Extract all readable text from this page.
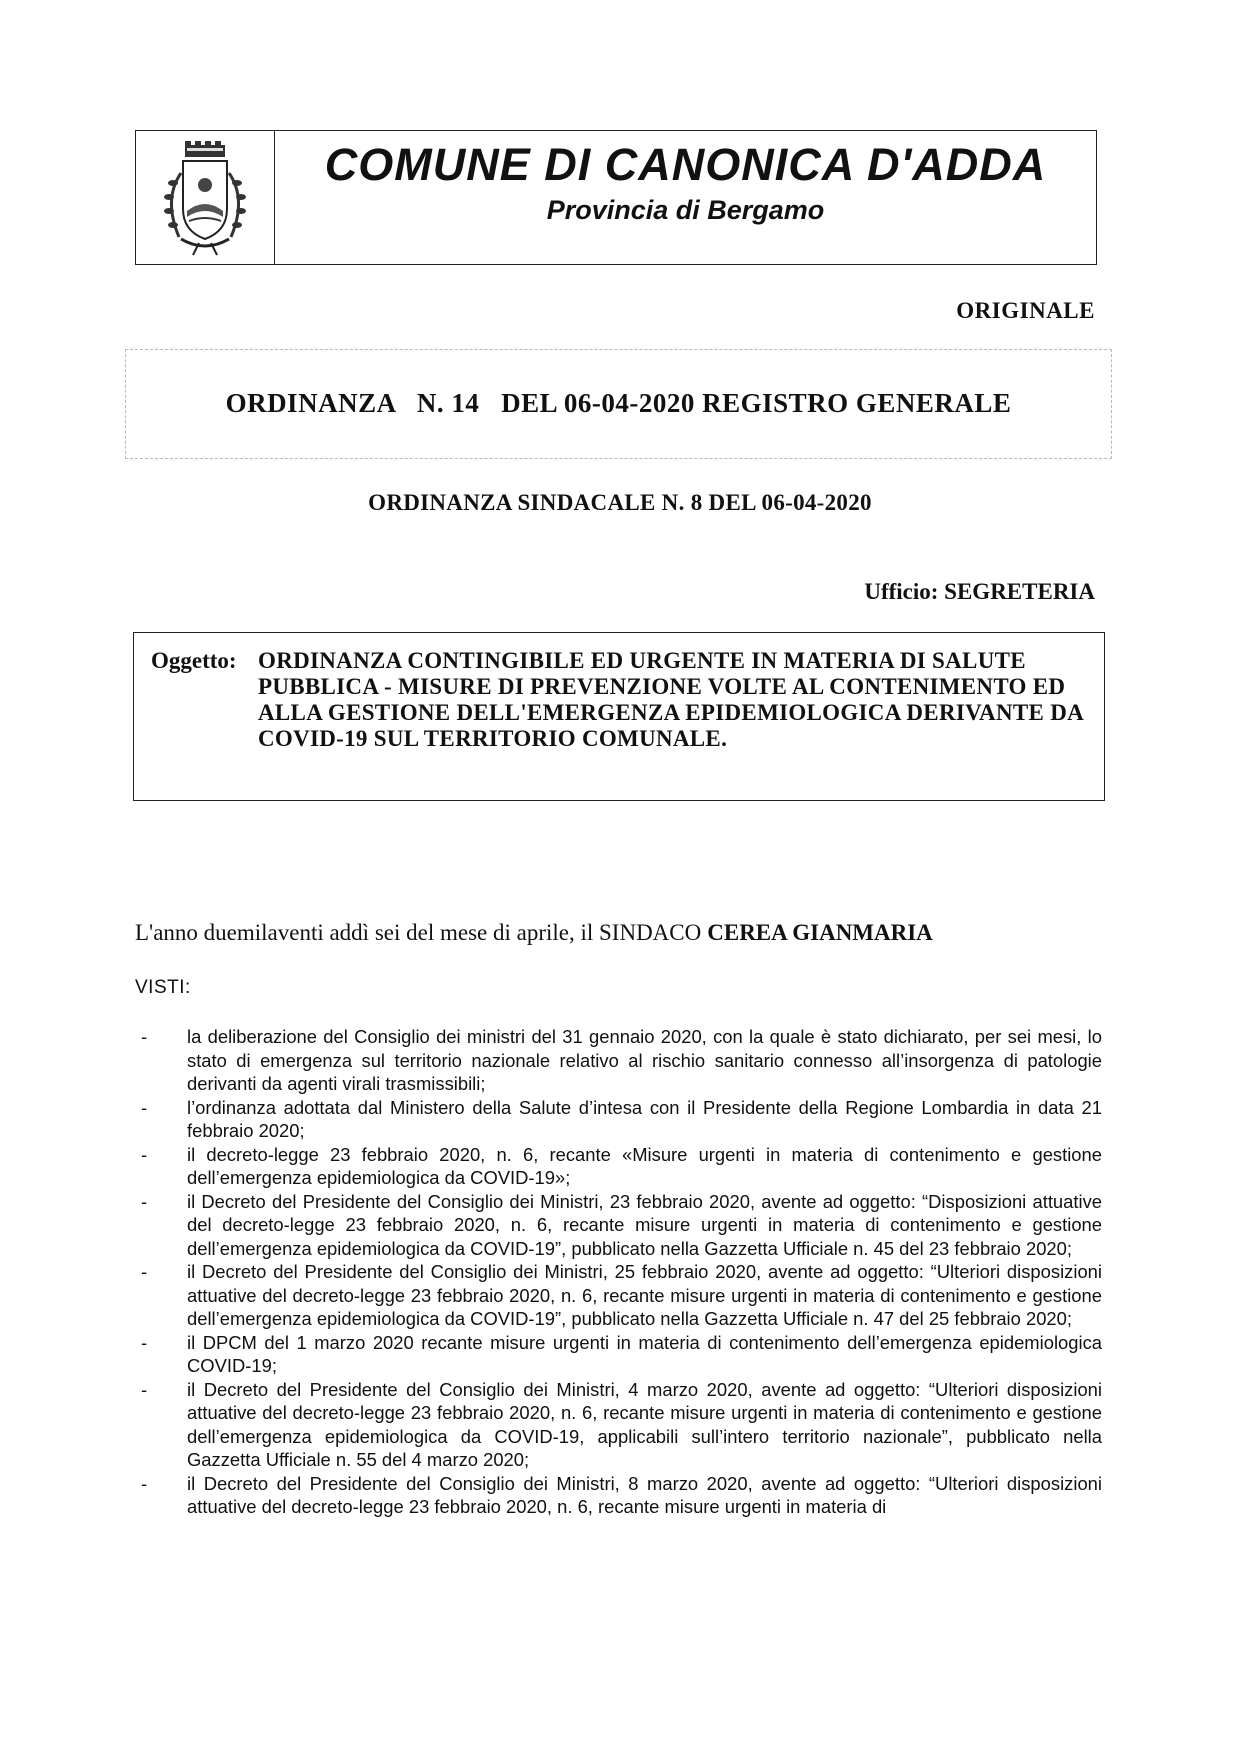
COMUNE DI CANONICA D'ADDA
Provincia di Bergamo
ORIGINALE
ORDINANZA   N. 14   DEL 06-04-2020 REGISTRO GENERALE
ORDINANZA SINDACALE N. 8 DEL 06-04-2020
Ufficio: SEGRETERIA
Oggetto: ORDINANZA CONTINGIBILE ED URGENTE IN MATERIA DI SALUTE PUBBLICA - MISURE DI PREVENZIONE VOLTE AL CONTENIMENTO ED ALLA GESTIONE DELL'EMERGENZA EPIDEMIOLOGICA DERIVANTE DA COVID-19 SUL TERRITORIO COMUNALE.
L'anno duemilaventi addì sei del mese di aprile, il SINDACO CEREA GIANMARIA
VISTI:
- la deliberazione del Consiglio dei ministri del 31 gennaio 2020, con la quale è stato dichiarato, per sei mesi, lo stato di emergenza sul territorio nazionale relativo al rischio sanitario connesso all’insorgenza di patologie derivanti da agenti virali trasmissibili;
- l’ordinanza adottata dal Ministero della Salute d’intesa con il Presidente della Regione Lombardia in data 21 febbraio 2020;
- il decreto-legge 23 febbraio 2020, n. 6, recante «Misure urgenti in materia di contenimento e gestione dell’emergenza epidemiologica da COVID-19»;
- il Decreto del Presidente del Consiglio dei Ministri, 23 febbraio 2020, avente ad oggetto: “Disposizioni attuative del decreto-legge 23 febbraio 2020, n. 6, recante misure urgenti in materia di contenimento e gestione dell’emergenza epidemiologica da COVID-19”, pubblicato nella Gazzetta Ufficiale n. 45 del 23 febbraio 2020;
- il Decreto del Presidente del Consiglio dei Ministri, 25 febbraio 2020, avente ad oggetto: “Ulteriori disposizioni attuative del decreto-legge 23 febbraio 2020, n. 6, recante misure urgenti in materia di contenimento e gestione dell’emergenza epidemiologica da COVID-19”, pubblicato nella Gazzetta Ufficiale n. 47 del 25 febbraio 2020;
- il DPCM del 1 marzo 2020 recante misure urgenti in materia di contenimento dell’emergenza epidemiologica COVID-19;
- il Decreto del Presidente del Consiglio dei Ministri, 4 marzo 2020, avente ad oggetto: “Ulteriori disposizioni attuative del decreto-legge 23 febbraio 2020, n. 6, recante misure urgenti in materia di contenimento e gestione dell’emergenza epidemiologica da COVID-19, applicabili sull’intero territorio nazionale”, pubblicato nella Gazzetta Ufficiale n. 55 del 4 marzo 2020;
- il Decreto del Presidente del Consiglio dei Ministri, 8 marzo 2020, avente ad oggetto: “Ulteriori disposizioni attuative del decreto-legge 23 febbraio 2020, n. 6, recante misure urgenti in materia di
